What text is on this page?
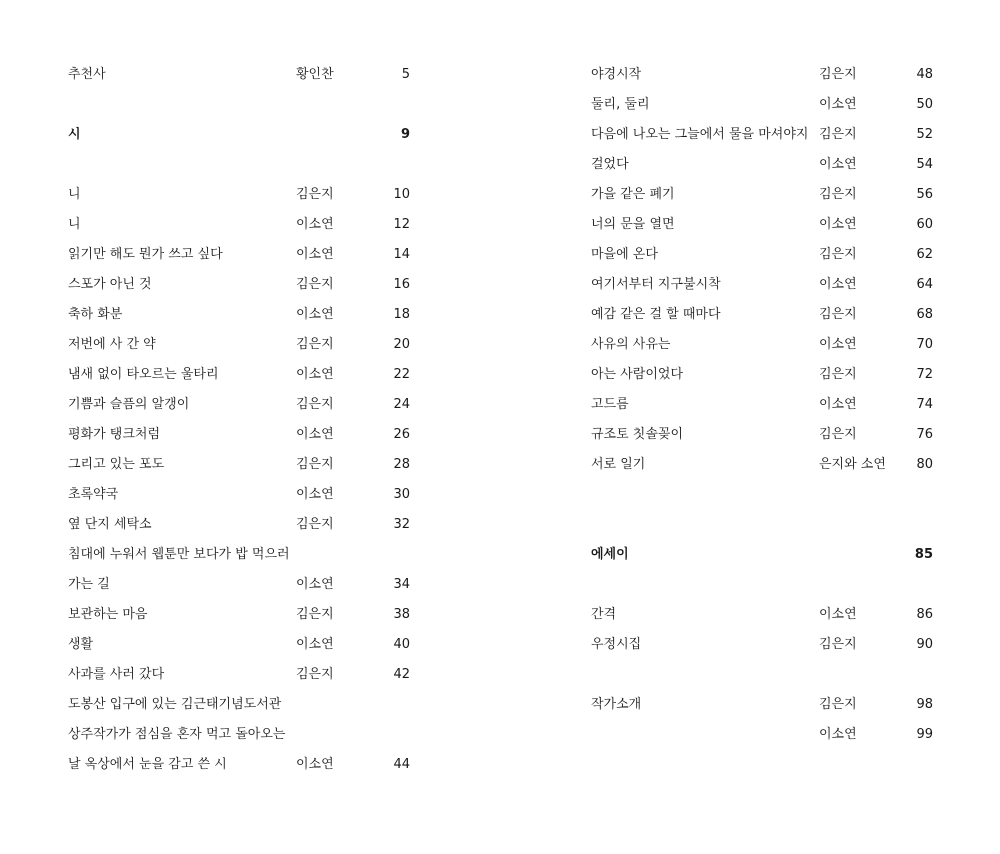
추천사	황인찬	5
시	9
니	김은지	10
니	이소연	12
읽기만 해도 뭔가 쓰고 싶다	이소연	14
스포가 아닌 것	김은지	16
축하 화분	이소연	18
저번에 사 간 약	김은지	20
냄새 없이 타오르는 울타리	이소연	22
기쁨과 슬픔의 알갱이	김은지	24
평화가 탱크처럼	이소연	26
그리고 있는 포도	김은지	28
초록약국	이소연	30
옆 단지 세탁소	김은지	32
침대에 누워서 웹툰만 보다가 밥 먹으러
가는 길	이소연	34
보관하는 마음	김은지	38
생활	이소연	40
사과를 사러 갔다	김은지	42
도봉산 입구에 있는 김근태기념도서관
상주작가가 점심을 혼자 먹고 돌아오는
날 옥상에서 눈을 감고 쓴 시	이소연	44
야경시작	김은지	48
둘리, 둘리	이소연	50
다음에 나오는 그늘에서 물을 마셔야지 김은지	52
걸었다	이소연	54
가을 같은 폐기	김은지	56
너의 문을 열면	이소연	60
마을에 온다	김은지	62
여기서부터 지구불시착	이소연	64
예감 같은 걸 할 때마다	김은지	68
사유의 사유는	이소연	70
아는 사람이었다	김은지	72
고드름	이소연	74
규조토 칫솔꽂이	김은지	76
서로 일기	은지와 소연 80
에세이	85
간격	이소연	86
우정시집	김은지	90
작가소개	김은지	98
이소연	99
